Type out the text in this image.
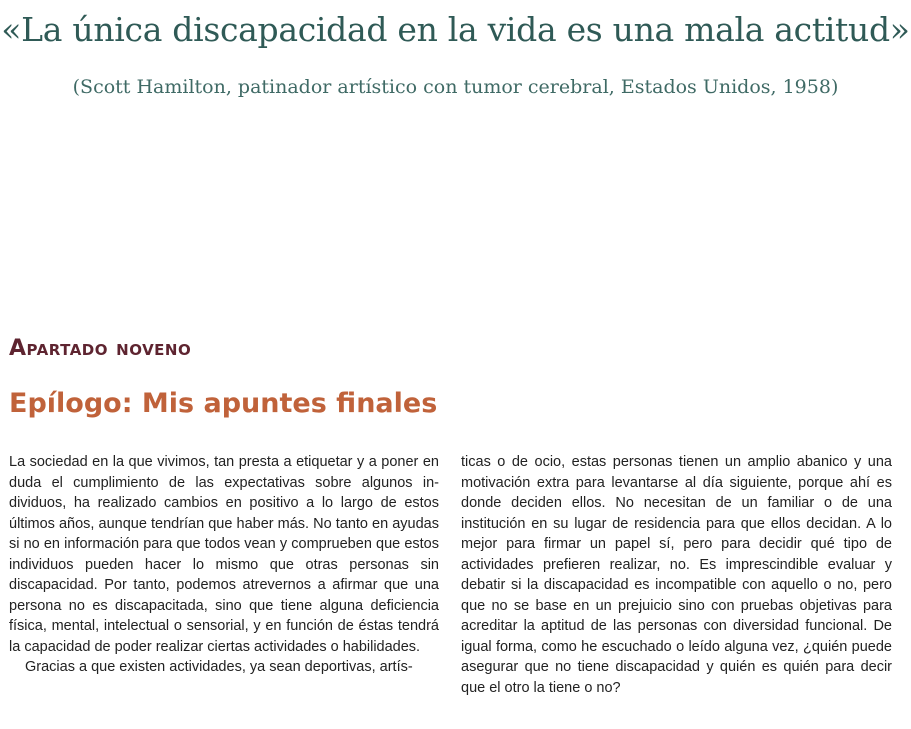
«La única discapacidad en la vida es una mala actitud»
(Scott Hamilton, patinador artístico con tumor cerebral, Estados Unidos, 1958)
Apartado noveno
Epílogo: Mis apuntes finales

La sociedad en la que vivimos, tan presta a etiquetar y a poner en duda el cumplimiento de las expectativas sobre algunos individuos, ha realizado cambios en positivo a lo largo de estos últimos años, aunque tendrían que haber más. No tanto en ayudas si no en información para que todos vean y comprueben que estos individuos pueden hacer lo mismo que otras personas sin discapacidad. Por tanto, podemos atrevernos a afirmar que una persona no es discapacitada, sino que tiene alguna deficiencia física, mental, intelectual o sensorial, y en función de éstas tendrá la capacidad de poder realizar ciertas actividades o habilidades.

Gracias a que existen actividades, ya sean deportivas, artís-

ticas o de ocio, estas personas tienen un amplio abanico y una motivación extra para levantarse al día siguiente, porque ahí es donde deciden ellos. No necesitan de un familiar o de una institución en su lugar de residencia para que ellos decidan. A lo mejor para firmar un papel sí, pero para decidir qué tipo de actividades prefieren realizar, no. Es imprescindible evaluar y debatir si la discapacidad es incompatible con aquello o no, pero que no se base en un prejuicio sino con pruebas objetivas para acreditar la aptitud de las personas con diversidad funcional. De igual forma, como he escuchado o leído alguna vez, ¿quién puede asegurar que no tiene discapacidad y quién es quién para decir que el otro la tiene o no?
